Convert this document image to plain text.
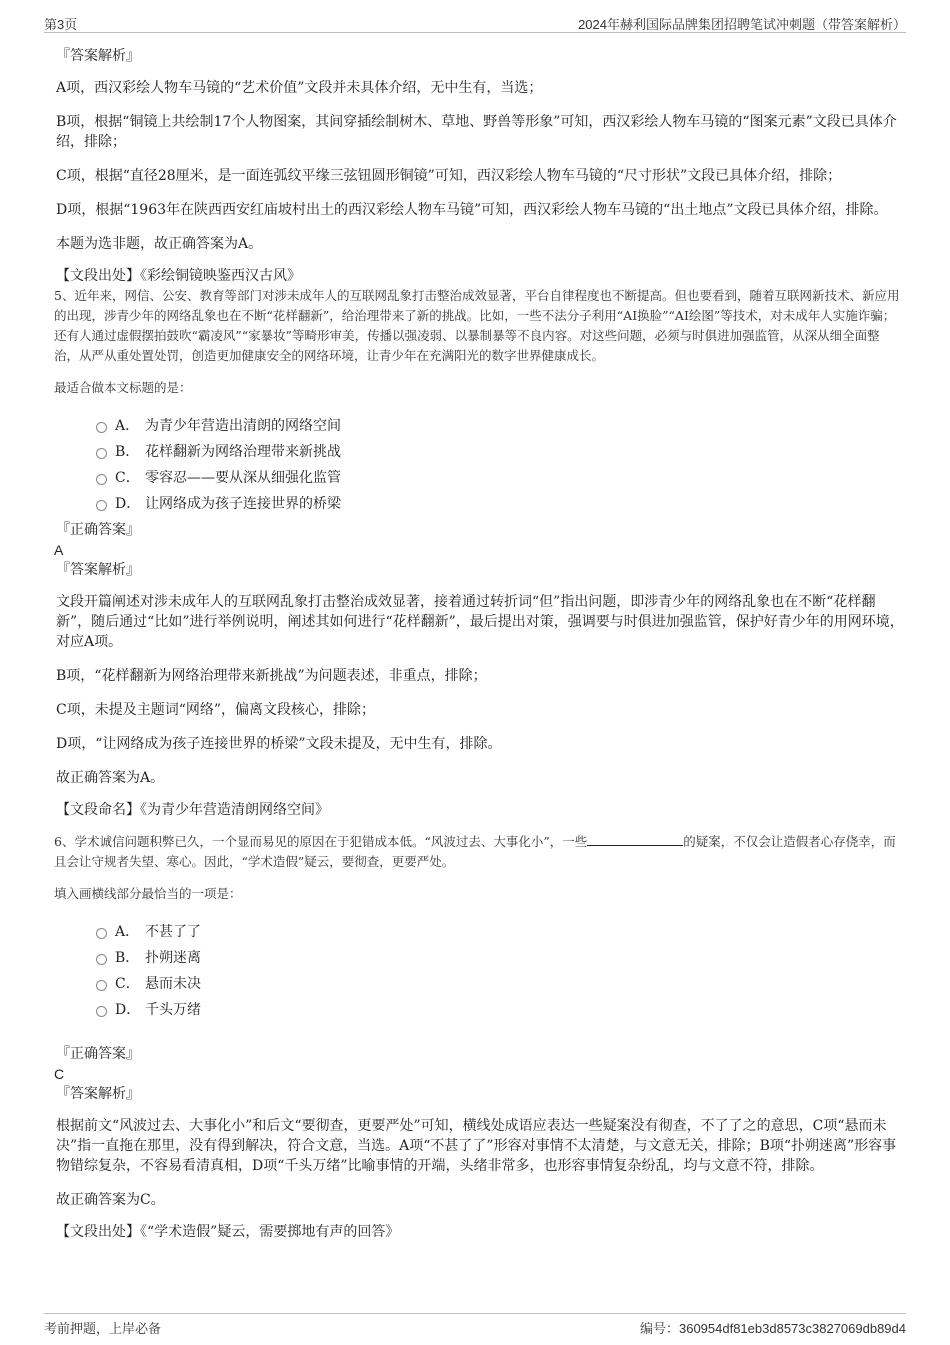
第3页	2024年赫利国际品牌集团招聘笔试冲刺题（带答案解析）
『答案解析』
A项，西汉彩绘人物车马镜的“艺术价值”文段并未具体介绍，无中生有，当选；
B项，根据“铜镜上共绘制17个人物图案，其间穿插绘制树木、草地、野兽等形象”可知，西汉彩绘人物车马镜的“图案元素”文段已具体介绍，排除；
C项，根据“直径28厘米，是一面连弧纹平缘三弦钮圆形铜镜”可知，西汉彩绘人物车马镜的“尺寸形状”文段已具体介绍，排除；
D项，根据“1963年在陕西西安红庙坡村出土的西汉彩绘人物车马镜”可知，西汉彩绘人物车马镜的“出土地点”文段已具体介绍，排除。
本题为选非题，故正确答案为A。
【文段出处】《彩绘铜镜映鉴西汉古风》
5、近年来，网信、公安、教育等部门对涉未成年人的互联网乱象打击整治成效显著，平台自律程度也不断提高。但也要看到，随着互联网新技术、新应用的出现，涉青少年的网络乱象也在不断“花样翻新”，给治理带来了新的挑战。比如，一些不法分子利用“AI换脸”“AI绘图”等技术，对未成年人实施诈骗；还有人通过虚假摆拍鼓吹“霸凌风”“家暴妆”等畸形审美，传播以强凌弱、以暴制暴等不良内容。对这些问题，必须与时俱进加强监管，从深从细全面整治，从严从重处置处罚，创造更加健康安全的网络环境，让青少年在充满阳光的数字世界健康成长。
最适合做本文标题的是：
A． 为青少年营造出清朗的网络空间
B． 花样翻新为网络治理带来新挑战
C． 零容忍——要从深从细强化监管
D． 让网络成为孩子连接世界的桥梁
『正确答案』
A
『答案解析』
文段开篇阐述对涉未成年人的互联网乱象打击整治成效显著，接着通过转折词“但”指出问题，即涉青少年的网络乱象也在不断“花样翻新”，随后通过“比如”进行举例说明，阐述其如何进行“花样翻新”，最后提出对策，强调要与时俱进加强监管，保护好青少年的用网环境，对应A项。
B项，“花样翻新为网络治理带来新挑战”为问题表述，非重点，排除；
C项，未提及主题词“网络”，偏离文段核心，排除；
D项，“让网络成为孩子连接世界的桥梁”文段未提及，无中生有，排除。
故正确答案为A。
【文段命名】《为青少年营造清朗网络空间》
6、学术诚信问题积弊已久，一个显而易见的原因在于犯错成本低。“风波过去、大事化小”，一些	的疑案，不仅会让造假者心存侥幸，而且会让守规者失望、寒心。因此，“学术造假”疑云，要彻查，更要严处。
填入画横线部分最恰当的一项是：
A． 不甚了了
B． 扑朔迷离
C． 悬而未决
D． 千头万绪
『正确答案』
C
『答案解析』
根据前文“风波过去、大事化小”和后文“要彻查，更要严处”可知，横线处成语应表达一些疑案没有彻查，不了了之的意思，C项“悬而未决”指一直拖在那里，没有得到解决，符合文意，当选。A项“不甚了了”形容对事情不太清楚，与文意无关，排除；B项“扑朔迷离”形容事物错综复杂，不容易看清真相，D项“千头万绪”比喻事情的开端，头绪非常多，也形容事情复杂纷乱，均与文意不符，排除。
故正确答案为C。
【文段出处】《“学术造假”疑云，需要掷地有声的回答》
考前押题，上岸必备	编号：360954df81eb3d8573c3827069db89d4
